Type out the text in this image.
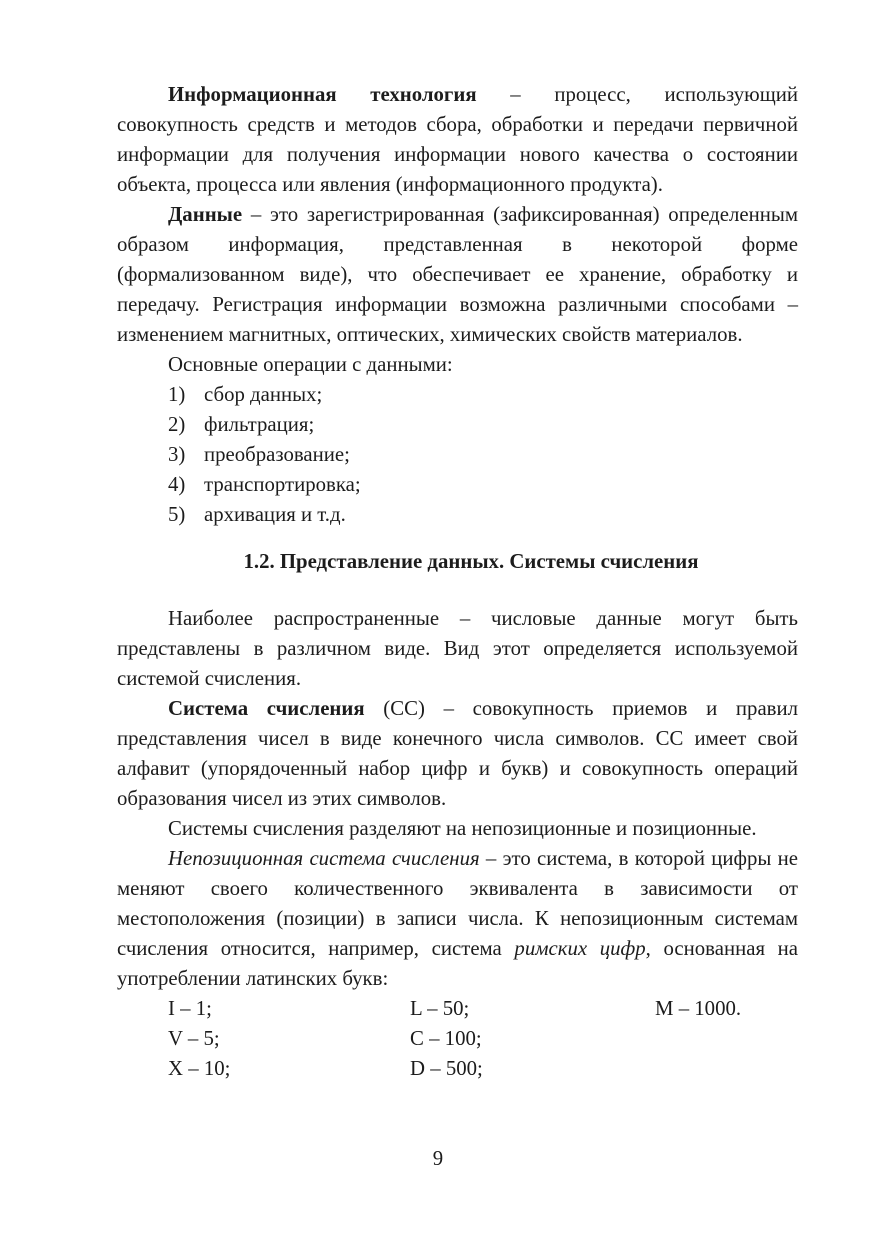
Информационная технология – процесс, использующий совокупность средств и методов сбора, обработки и передачи первичной информации для получения информации нового качества о состоянии объекта, процесса или явления (информационного продукта).

Данные – это зарегистрированная (зафиксированная) определенным образом информация, представленная в некоторой форме (формализованном виде), что обеспечивает ее хранение, обработку и передачу. Регистрация информации возможна различными способами – изменением магнитных, оптических, химических свойств материалов.

Основные операции с данными:

1) сбор данных;
2) фильтрация;
3) преобразование;
4) транспортировка;
5) архивация и т.д.

1.2. Представление данных. Системы счисления

Наиболее распространенные – числовые данные могут быть представлены в различном виде. Вид этот определяется используемой системой счисления.

Система счисления (СС) – совокупность приемов и правил представления чисел в виде конечного числа символов. СС имеет свой алфавит (упорядоченный набор цифр и букв) и совокупность операций образования чисел из этих символов.

Системы счисления разделяют на непозиционные и позиционные.

Непозиционная система счисления – это система, в которой цифры не меняют своего количественного эквивалента в зависимости от местоположения (позиции) в записи числа. К непозиционным системам счисления относится, например, система римских цифр, основанная на употреблении латинских букв:

I – 1;	L – 50;	M – 1000.
V – 5;	C – 100;
X – 10;	D – 500;
9
